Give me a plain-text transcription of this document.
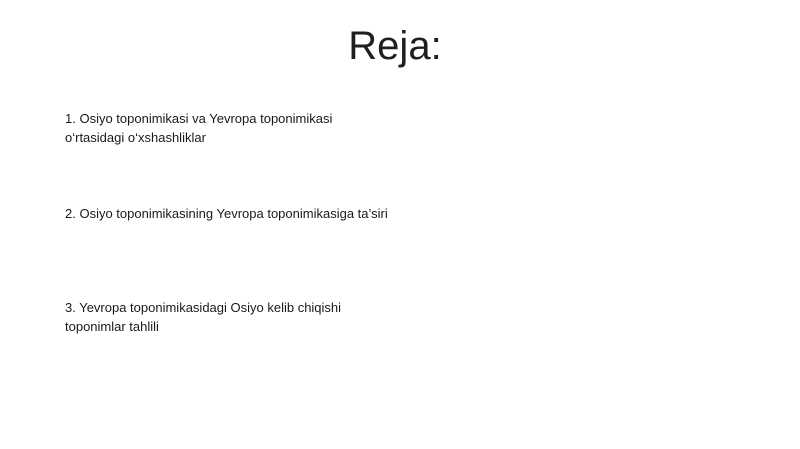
Reja:

1. Osiyo toponimikasi va Yevropa toponimikasi o‘rtasidagi o‘xshashliklar

2. Osiyo toponimikasining Yevropa toponimikasiga ta’siri

3. Yevropa toponimikasidagi Osiyo kelib chiqishi toponimlar tahlili
